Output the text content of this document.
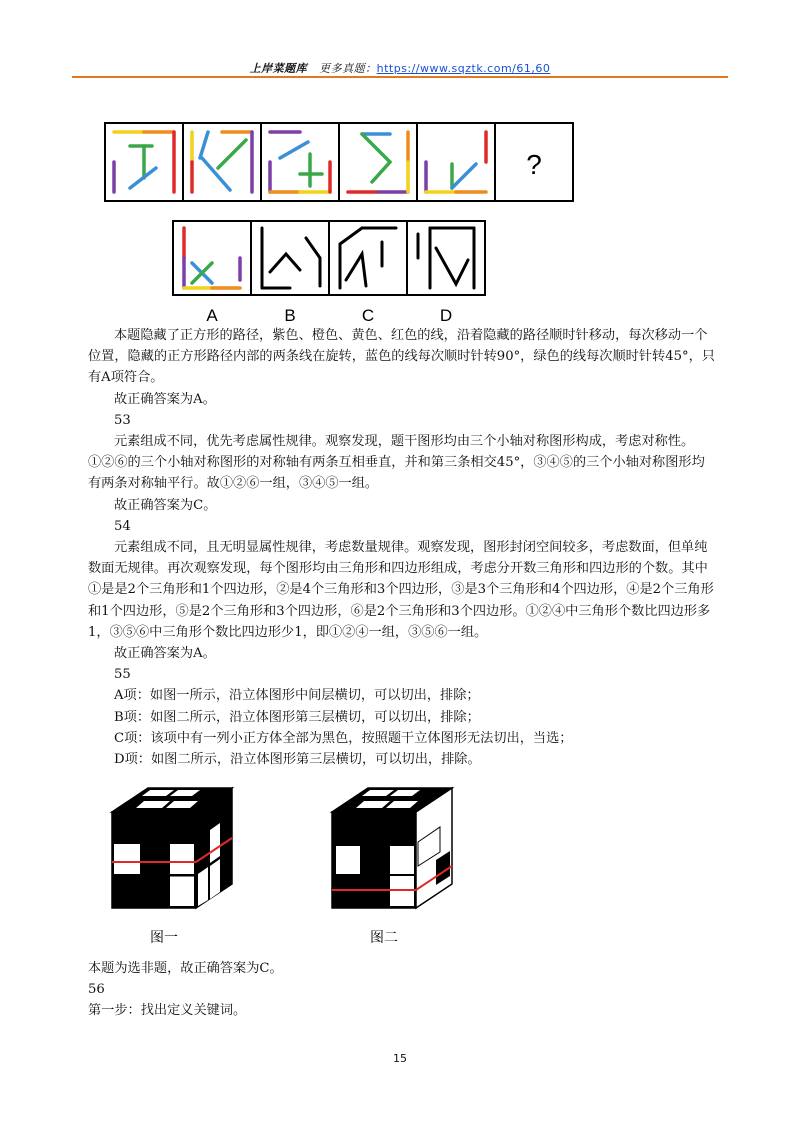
上岸菜题库 更多真题：https://www.sqztk.com/61,60
?
A	B	C	D

本题隐藏了正方形的路径，紫色、橙色、黄色、红色的线，沿着隐藏的路径顺时针移动，每次移动一个位置，隐藏的正方形路径内部的两条线在旋转，蓝色的线每次顺时针转90°，绿色的线每次顺时针转45°，只有A项符合。

故正确答案为A。

53

元素组成不同，优先考虑属性规律。观察发现，题干图形均由三个小轴对称图形构成，考虑对称性。①②⑥的三个小轴对称图形的对称轴有两条互相垂直，并和第三条相交45°，③④⑤的三个小轴对称图形均有两条对称轴平行。故①②⑥一组，③④⑤一组。

故正确答案为C。

54

元素组成不同，且无明显属性规律，考虑数量规律。观察发现，图形封闭空间较多，考虑数面，但单纯数面无规律。再次观察发现，每个图形均由三角形和四边形组成，考虑分开数三角形和四边形的个数。其中①是是2个三角形和1个四边形，②是4个三角形和3个四边形，③是3个三角形和4个四边形，④是2个三角形和1个四边形，⑤是2个三角形和3个四边形，⑥是2个三角形和3个四边形。①②④中三角形个数比四边形多1，③⑤⑥中三角形个数比四边形少1，即①②④一组，③⑤⑥一组。

故正确答案为A。

55

A项：如图一所示，沿立体图形中间层横切，可以切出，排除；

B项：如图二所示，沿立体图形第三层横切，可以切出，排除；

C项：该项中有一列小正方体全部为黑色，按照题干立体图形无法切出，当选；

D项：如图二所示，沿立体图形第三层横切，可以切出，排除。

图一	图二

本题为选非题，故正确答案为C。

56

第一步：找出定义关键词。

15
